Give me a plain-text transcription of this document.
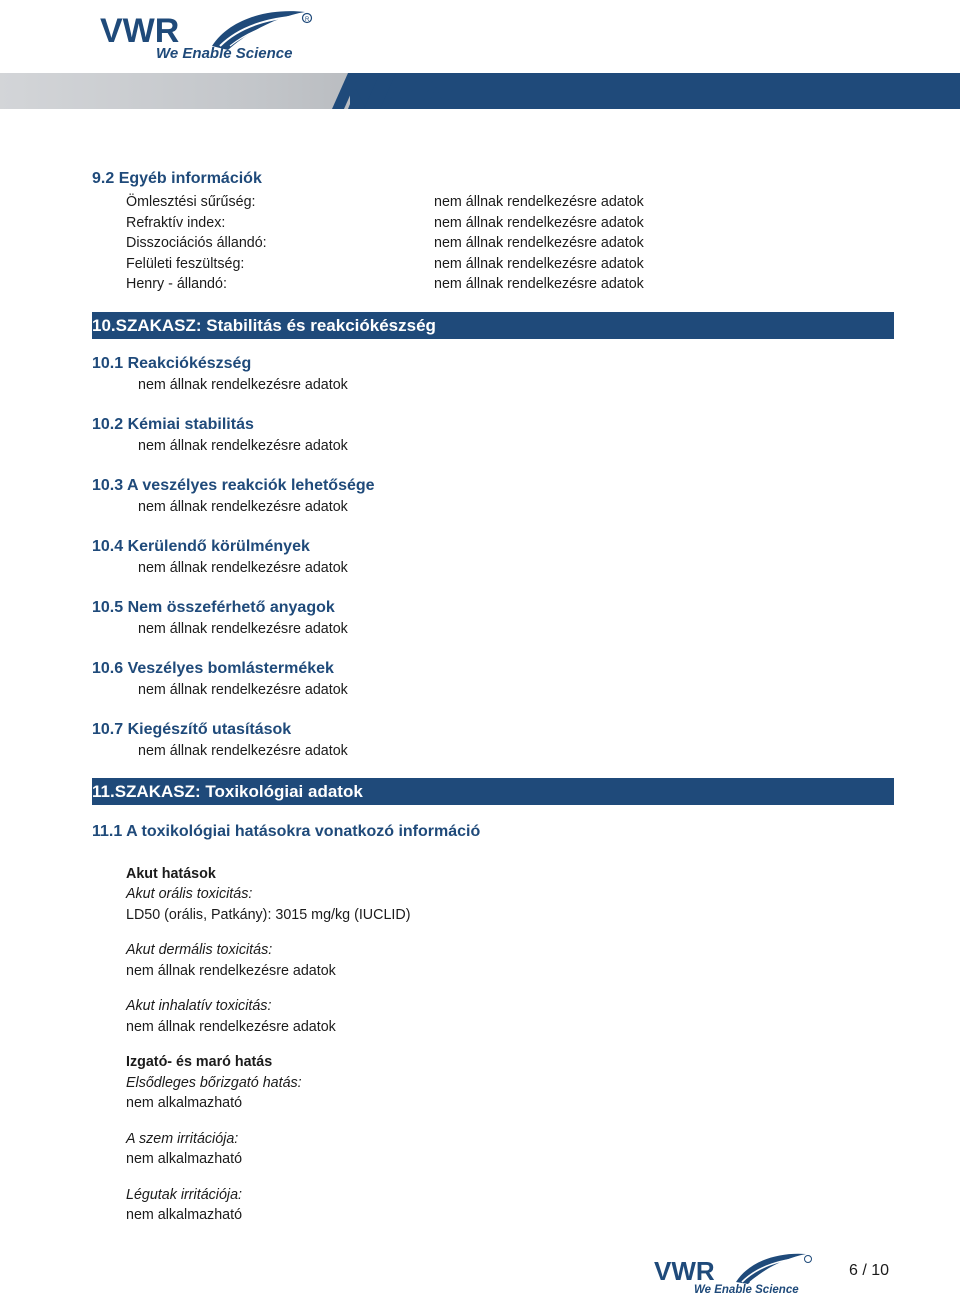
R
VWR
We Enable Science
9.2 Egyéb információk
Ömlesztési sűrűség:	nem állnak rendelkezésre adatok
Refraktív index:	nem állnak rendelkezésre adatok
Disszociációs állandó:	nem állnak rendelkezésre adatok
Felületi feszültség:	nem állnak rendelkezésre adatok
Henry - állandó:	nem állnak rendelkezésre adatok
10.SZAKASZ: Stabilitás és reakciókészség
10.1 Reakciókészség
nem állnak rendelkezésre adatok
10.2 Kémiai stabilitás
nem állnak rendelkezésre adatok
10.3 A veszélyes reakciók lehetősége
nem állnak rendelkezésre adatok
10.4 Kerülendő körülmények
nem állnak rendelkezésre adatok
10.5 Nem összeférhető anyagok
nem állnak rendelkezésre adatok
10.6 Veszélyes bomlástermékek
nem állnak rendelkezésre adatok
10.7 Kiegészítő utasítások
nem állnak rendelkezésre adatok
11.SZAKASZ: Toxikológiai adatok
11.1 A toxikológiai hatásokra vonatkozó információ
Akut hatások
Akut orális toxicitás:
LD50 (orális, Patkány): 3015 mg/kg (IUCLID)
Akut dermális toxicitás:
nem állnak rendelkezésre adatok
Akut inhalatív toxicitás:
nem állnak rendelkezésre adatok
Izgató- és maró hatás
Elsődleges bőrizgató hatás:
nem alkalmazható
A szem irritációja:
nem alkalmazható
Légutak irritációja:
nem alkalmazható
VWR
We Enable Science
6 / 10
